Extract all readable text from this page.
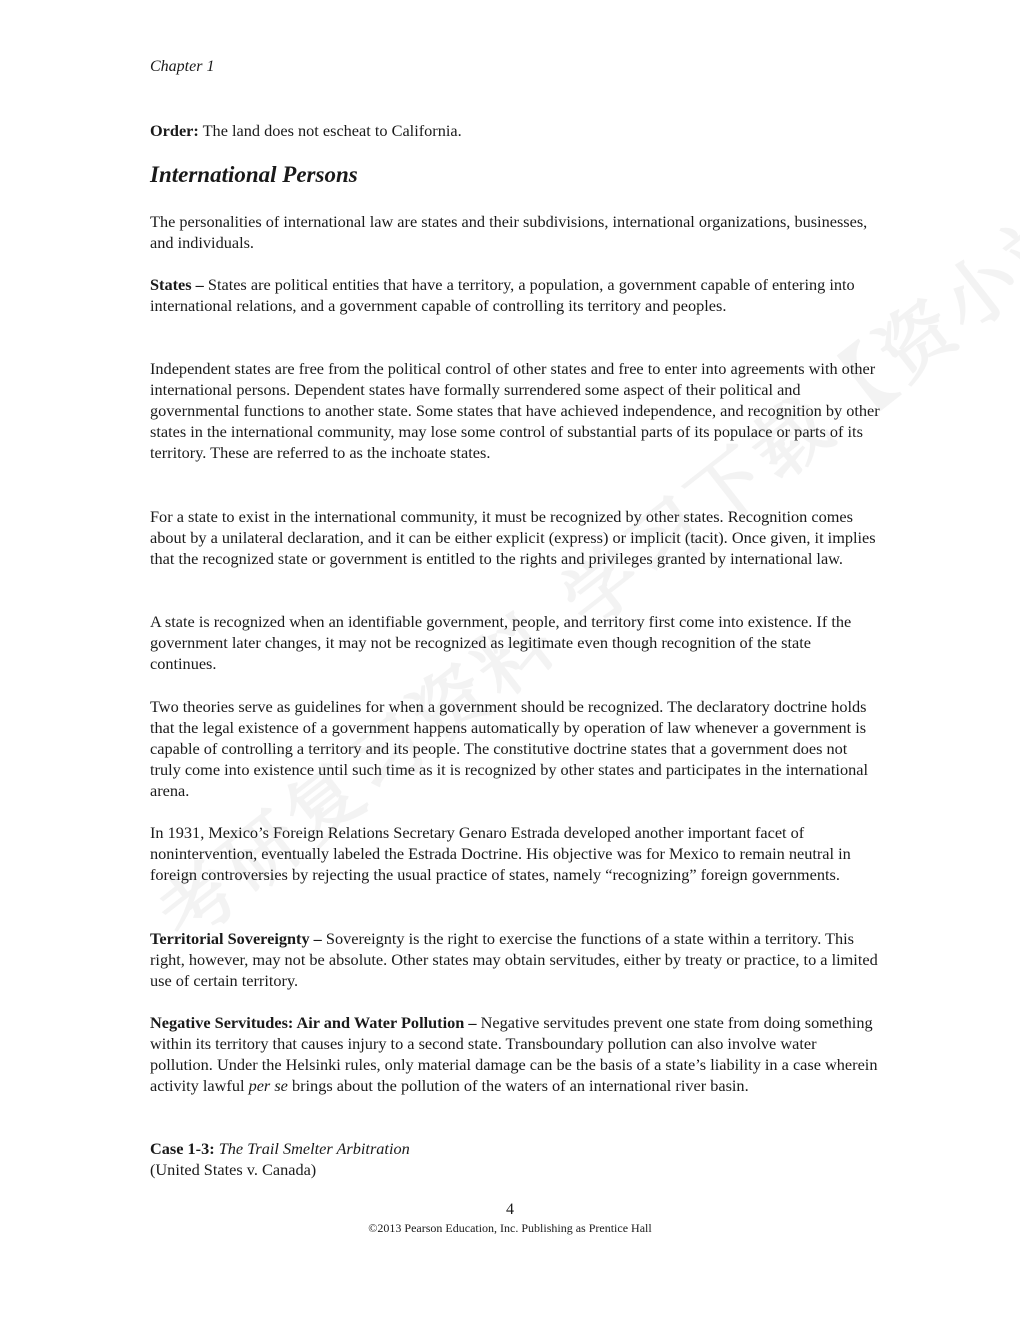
Chapter 1

Order: The land does not escheat to California.

International Persons

The personalities of international law are states and their subdivisions, international organizations, businesses, and individuals.

States – States are political entities that have a territory, a population, a government capable of entering into international relations, and a government capable of controlling its territory and peoples.

Independent states are free from the political control of other states and free to enter into agreements with other international persons. Dependent states have formally surrendered some aspect of their political and governmental functions to another state. Some states that have achieved independence, and recognition by other states in the international community, may lose some control of substantial parts of its populace or parts of its territory. These are referred to as the inchoate states.

For a state to exist in the international community, it must be recognized by other states. Recognition comes about by a unilateral declaration, and it can be either explicit (express) or implicit (tacit). Once given, it implies that the recognized state or government is entitled to the rights and privileges granted by international law.

A state is recognized when an identifiable government, people, and territory first come into existence. If the government later changes, it may not be recognized as legitimate even though recognition of the state continues.

Two theories serve as guidelines for when a government should be recognized. The declaratory doctrine holds that the legal existence of a government happens automatically by operation of law whenever a government is capable of controlling a territory and its people. The constitutive doctrine states that a government does not truly come into existence until such time as it is recognized by other states and participates in the international arena.

In 1931, Mexico’s Foreign Relations Secretary Genaro Estrada developed another important facet of nonintervention, eventually labeled the Estrada Doctrine. His objective was for Mexico to remain neutral in foreign controversies by rejecting the usual practice of states, namely “recognizing” foreign governments.

Territorial Sovereignty – Sovereignty is the right to exercise the functions of a state within a territory. This right, however, may not be absolute. Other states may obtain servitudes, either by treaty or practice, to a limited use of certain territory.

Negative Servitudes: Air and Water Pollution – Negative servitudes prevent one state from doing something within its territory that causes injury to a second state. Transboundary pollution can also involve water pollution. Under the Helsinki rules, only material damage can be the basis of a state’s liability in a case wherein activity lawful per se brings about the pollution of the waters of an international river basin.

Case 1-3: The Trail Smelter Arbitration
(United States v. Canada)

4
©2013 Pearson Education, Inc. Publishing as Prentice Hall
